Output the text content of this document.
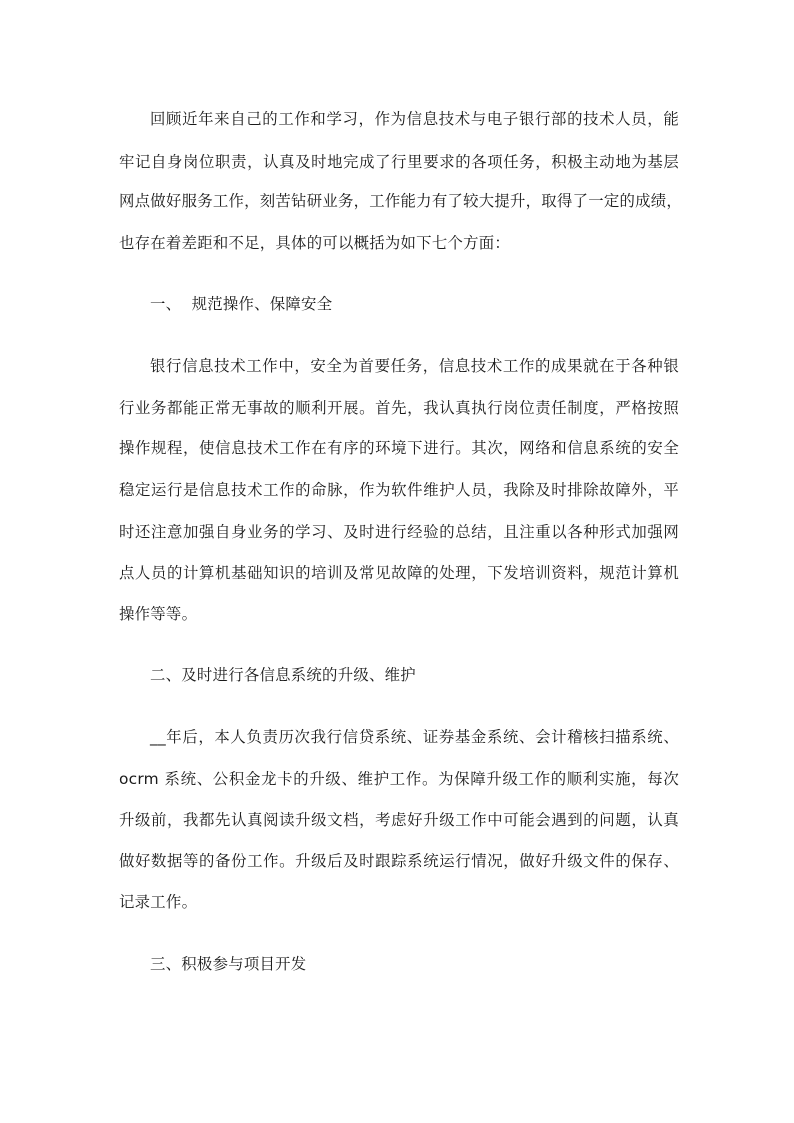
回顾近年来自己的工作和学习，作为信息技术与电子银行部的技术人员，能
牢记自身岗位职责，认真及时地完成了行里要求的各项任务，积极主动地为基层
网点做好服务工作，刻苦钻研业务，工作能力有了较大提升，取得了一定的成绩，
也存在着差距和不足，具体的可以概括为如下七个方面：
一、  规范操作、保障安全
银行信息技术工作中，安全为首要任务，信息技术工作的成果就在于各种银
行业务都能正常无事故的顺利开展。首先，我认真执行岗位责任制度，严格按照
操作规程，使信息技术工作在有序的环境下进行。其次，网络和信息系统的安全
稳定运行是信息技术工作的命脉，作为软件维护人员，我除及时排除故障外，平
时还注意加强自身业务的学习、及时进行经验的总结，且注重以各种形式加强网
点人员的计算机基础知识的培训及常见故障的处理，下发培训资料，规范计算机
操作等等。
二、及时进行各信息系统的升级、维护
__年后，本人负责历次我行信贷系统、证券基金系统、会计稽核扫描系统、
ocrm 系统、公积金龙卡的升级、维护工作。为保障升级工作的顺利实施，每次
升级前，我都先认真阅读升级文档，考虑好升级工作中可能会遇到的问题，认真
做好数据等的备份工作。升级后及时跟踪系统运行情况，做好升级文件的保存、
记录工作。
三、积极参与项目开发
